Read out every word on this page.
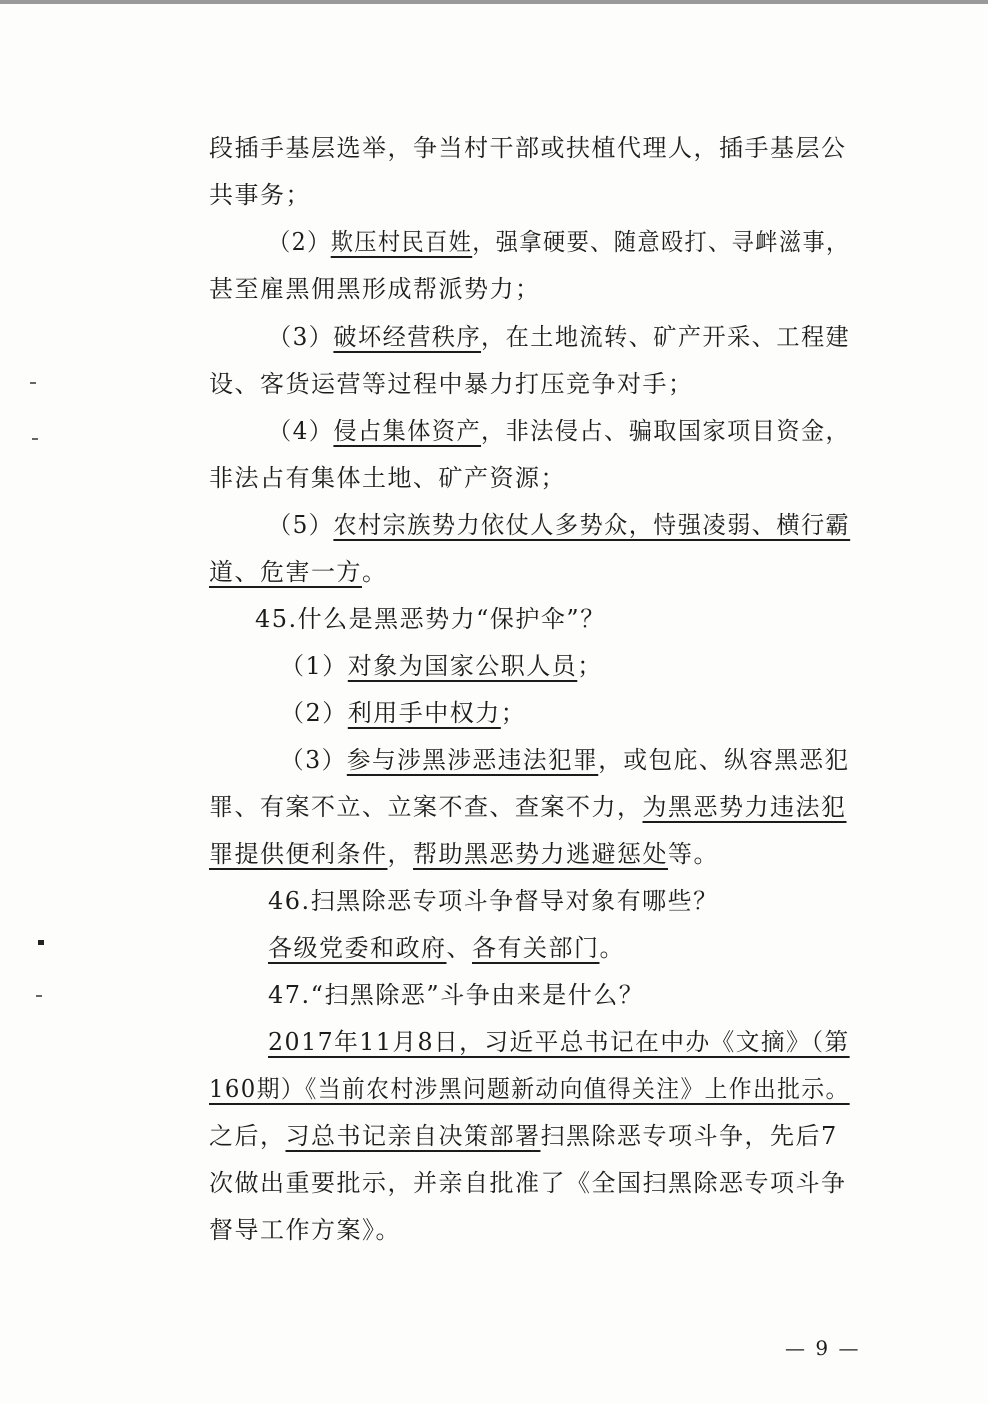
段插手基层选举，争当村干部或扶植代理人，插手基层公
共事务；
（2）欺压村民百姓，强拿硬要、随意殴打、寻衅滋事，
甚至雇黑佣黑形成帮派势力；
（3）破坏经营秩序，在土地流转、矿产开采、工程建
设、客货运营等过程中暴力打压竞争对手；
（4）侵占集体资产，非法侵占、骗取国家项目资金，
非法占有集体土地、矿产资源；
（5）农村宗族势力依仗人多势众，恃强凌弱、横行霸
道、危害一方。
45.什么是黑恶势力“保护伞”？
（1）对象为国家公职人员；
（2）利用手中权力；
（3）参与涉黑涉恶违法犯罪，或包庇、纵容黑恶犯
罪、有案不立、立案不查、查案不力，为黑恶势力违法犯
罪提供便利条件，帮助黑恶势力逃避惩处等。
46.扫黑除恶专项斗争督导对象有哪些？
各级党委和政府、各有关部门。
47.“扫黑除恶”斗争由来是什么？
2017年11月8日，习近平总书记在中办《文摘》（第
160期）《当前农村涉黑问题新动向值得关注》上作出批示。
之后，习总书记亲自决策部署扫黑除恶专项斗争，先后7
次做出重要批示，并亲自批准了《全国扫黑除恶专项斗争
督导工作方案》。
— 9 —
